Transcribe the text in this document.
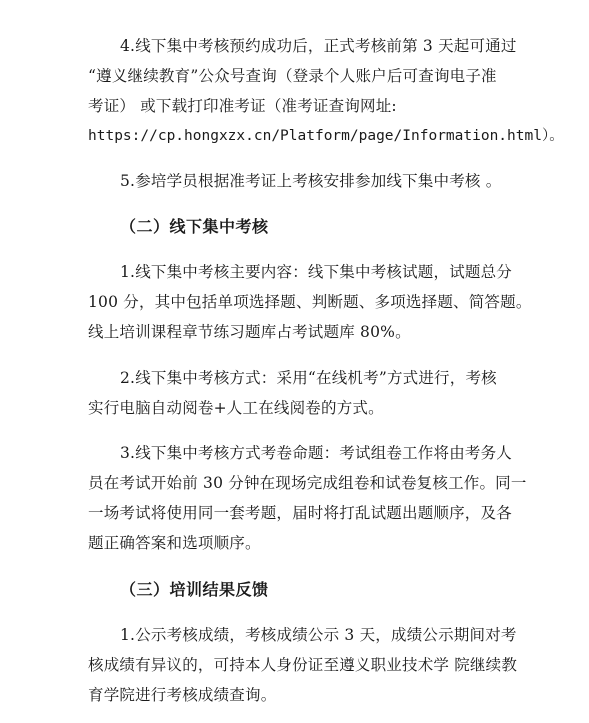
4.线下集中考核预约成功后，正式考核前第 3 天起可通过
“遵义继续教育”公众号查询（登录个人账户后可查询电子准
考证） 或下载打印准考证（准考证查询网址:
https://cp.hongxzx.cn/Platform/page/Information.html）。
5.参培学员根据准考证上考核安排参加线下集中考核 。
（二）线下集中考核
1.线下集中考核主要内容：线下集中考核试题，试题总分
100 分，其中包括单项选择题、判断题、多项选择题、简答题。
线上培训课程章节练习题库占考试题库 80%。
2.线下集中考核方式：采用“在线机考”方式进行，考核
实行电脑自动阅卷+人工在线阅卷的方式。
3.线下集中考核方式考卷命题：考试组卷工作将由考务人
员在考试开始前 30 分钟在现场完成组卷和试卷复核工作。同一
一场考试将使用同一套考题，届时将打乱试题出题顺序，及各
题正确答案和选项顺序。
（三）培训结果反馈
1.公示考核成绩，考核成绩公示 3 天，成绩公示期间对考
核成绩有异议的，可持本人身份证至遵义职业技术学 院继续教
育学院进行考核成绩查询。
